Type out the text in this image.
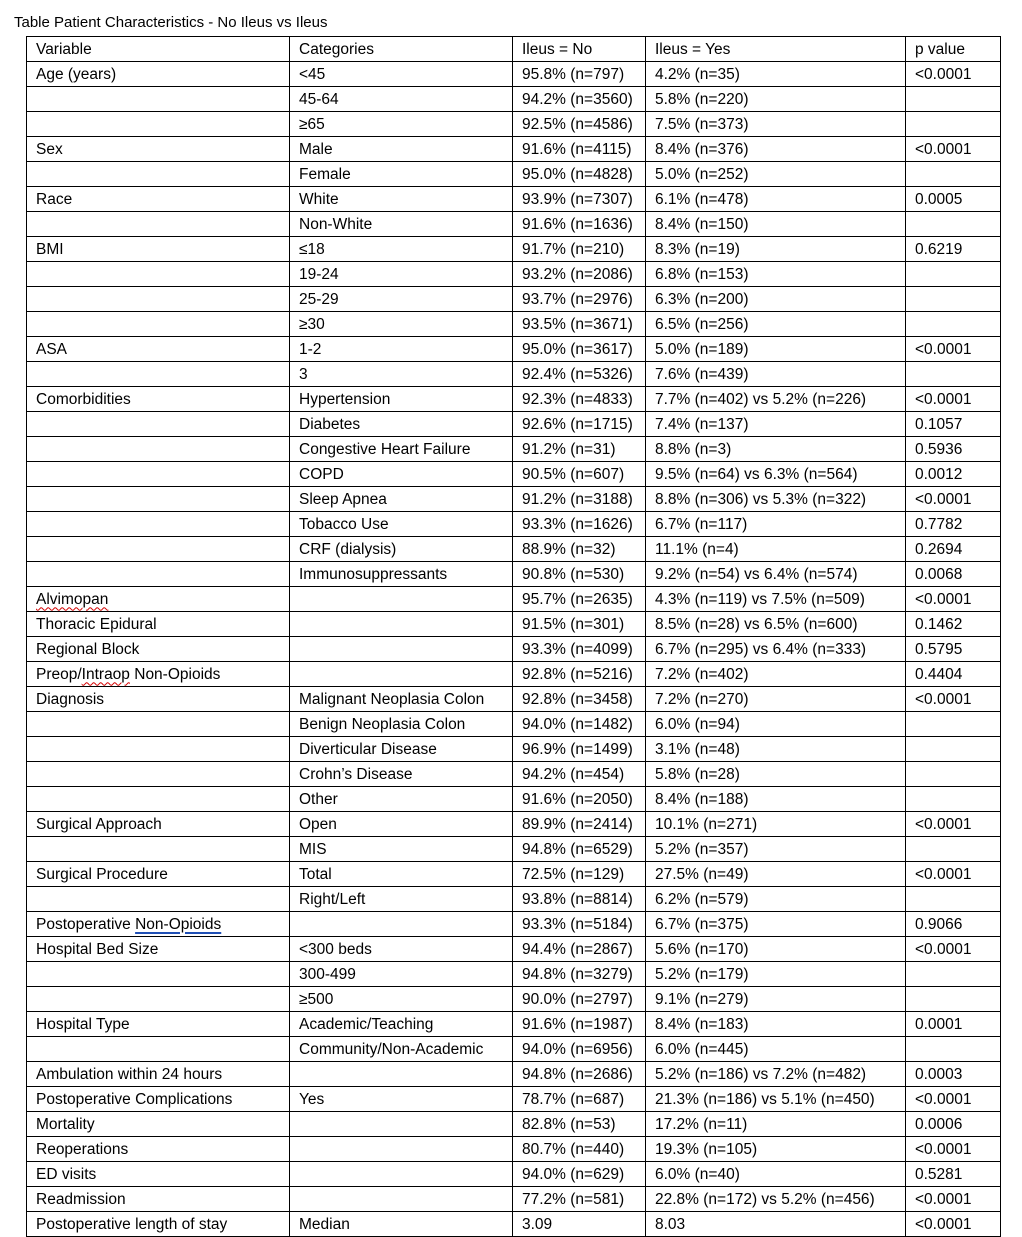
Table Patient Characteristics - No Ileus vs Ileus
Variable	Categories	Ileus = No	Ileus = Yes	p value
Age (years)	<45	95.8% (n=797)	4.2% (n=35)	<0.0001
	45-64	94.2% (n=3560)	5.8% (n=220)	
	≥65	92.5% (n=4586)	7.5% (n=373)	
Sex	Male	91.6% (n=4115)	8.4% (n=376)	<0.0001
	Female	95.0% (n=4828)	5.0% (n=252)	
Race	White	93.9% (n=7307)	6.1% (n=478)	0.0005
	Non-White	91.6% (n=1636)	8.4% (n=150)	
BMI	≤18	91.7% (n=210)	8.3% (n=19)	0.6219
	19-24	93.2% (n=2086)	6.8% (n=153)	
	25-29	93.7% (n=2976)	6.3% (n=200)	
	≥30	93.5% (n=3671)	6.5% (n=256)	
ASA	1-2	95.0% (n=3617)	5.0% (n=189)	<0.0001
	3	92.4% (n=5326)	7.6% (n=439)	
Comorbidities	Hypertension	92.3% (n=4833)	7.7% (n=402) vs 5.2% (n=226)	<0.0001
	Diabetes	92.6% (n=1715)	7.4% (n=137)	0.1057
	Congestive Heart Failure	91.2% (n=31)	8.8% (n=3)	0.5936
	COPD	90.5% (n=607)	9.5% (n=64) vs 6.3% (n=564)	0.0012
	Sleep Apnea	91.2% (n=3188)	8.8% (n=306) vs 5.3% (n=322)	<0.0001
	Tobacco Use	93.3% (n=1626)	6.7% (n=117)	0.7782
	CRF (dialysis)	88.9% (n=32)	11.1% (n=4)	0.2694
	Immunosuppressants	90.8% (n=530)	9.2% (n=54) vs 6.4% (n=574)	0.0068
Alvimopan		95.7% (n=2635)	4.3% (n=119) vs 7.5% (n=509)	<0.0001
Thoracic Epidural		91.5% (n=301)	8.5% (n=28) vs 6.5% (n=600)	0.1462
Regional Block		93.3% (n=4099)	6.7% (n=295) vs 6.4% (n=333)	0.5795
Preop/Intraop Non-Opioids		92.8% (n=5216)	7.2% (n=402)	0.4404
Diagnosis	Malignant Neoplasia Colon	92.8% (n=3458)	7.2% (n=270)	<0.0001
	Benign Neoplasia Colon	94.0% (n=1482)	6.0% (n=94)	
	Diverticular Disease	96.9% (n=1499)	3.1% (n=48)	
	Crohn’s Disease	94.2% (n=454)	5.8% (n=28)	
	Other	91.6% (n=2050)	8.4% (n=188)	
Surgical Approach	Open	89.9% (n=2414)	10.1% (n=271)	<0.0001
	MIS	94.8% (n=6529)	5.2% (n=357)	
Surgical Procedure	Total	72.5% (n=129)	27.5% (n=49)	<0.0001
	Right/Left	93.8% (n=8814)	6.2% (n=579)	
Postoperative Non-Opioids		93.3% (n=5184)	6.7% (n=375)	0.9066
Hospital Bed Size	<300 beds	94.4% (n=2867)	5.6% (n=170)	<0.0001
	300-499	94.8% (n=3279)	5.2% (n=179)	
	≥500	90.0% (n=2797)	9.1% (n=279)	
Hospital Type	Academic/Teaching	91.6% (n=1987)	8.4% (n=183)	0.0001
	Community/Non-Academic	94.0% (n=6956)	6.0% (n=445)	
Ambulation within 24 hours		94.8% (n=2686)	5.2% (n=186) vs 7.2% (n=482)	0.0003
Postoperative Complications	Yes	78.7% (n=687)	21.3% (n=186) vs 5.1% (n=450)	<0.0001
Mortality		82.8% (n=53)	17.2% (n=11)	0.0006
Reoperations		80.7% (n=440)	19.3% (n=105)	<0.0001
ED visits		94.0% (n=629)	6.0% (n=40)	0.5281
Readmission		77.2% (n=581)	22.8% (n=172) vs 5.2% (n=456)	<0.0001
Postoperative length of stay	Median	3.09	8.03	<0.0001
